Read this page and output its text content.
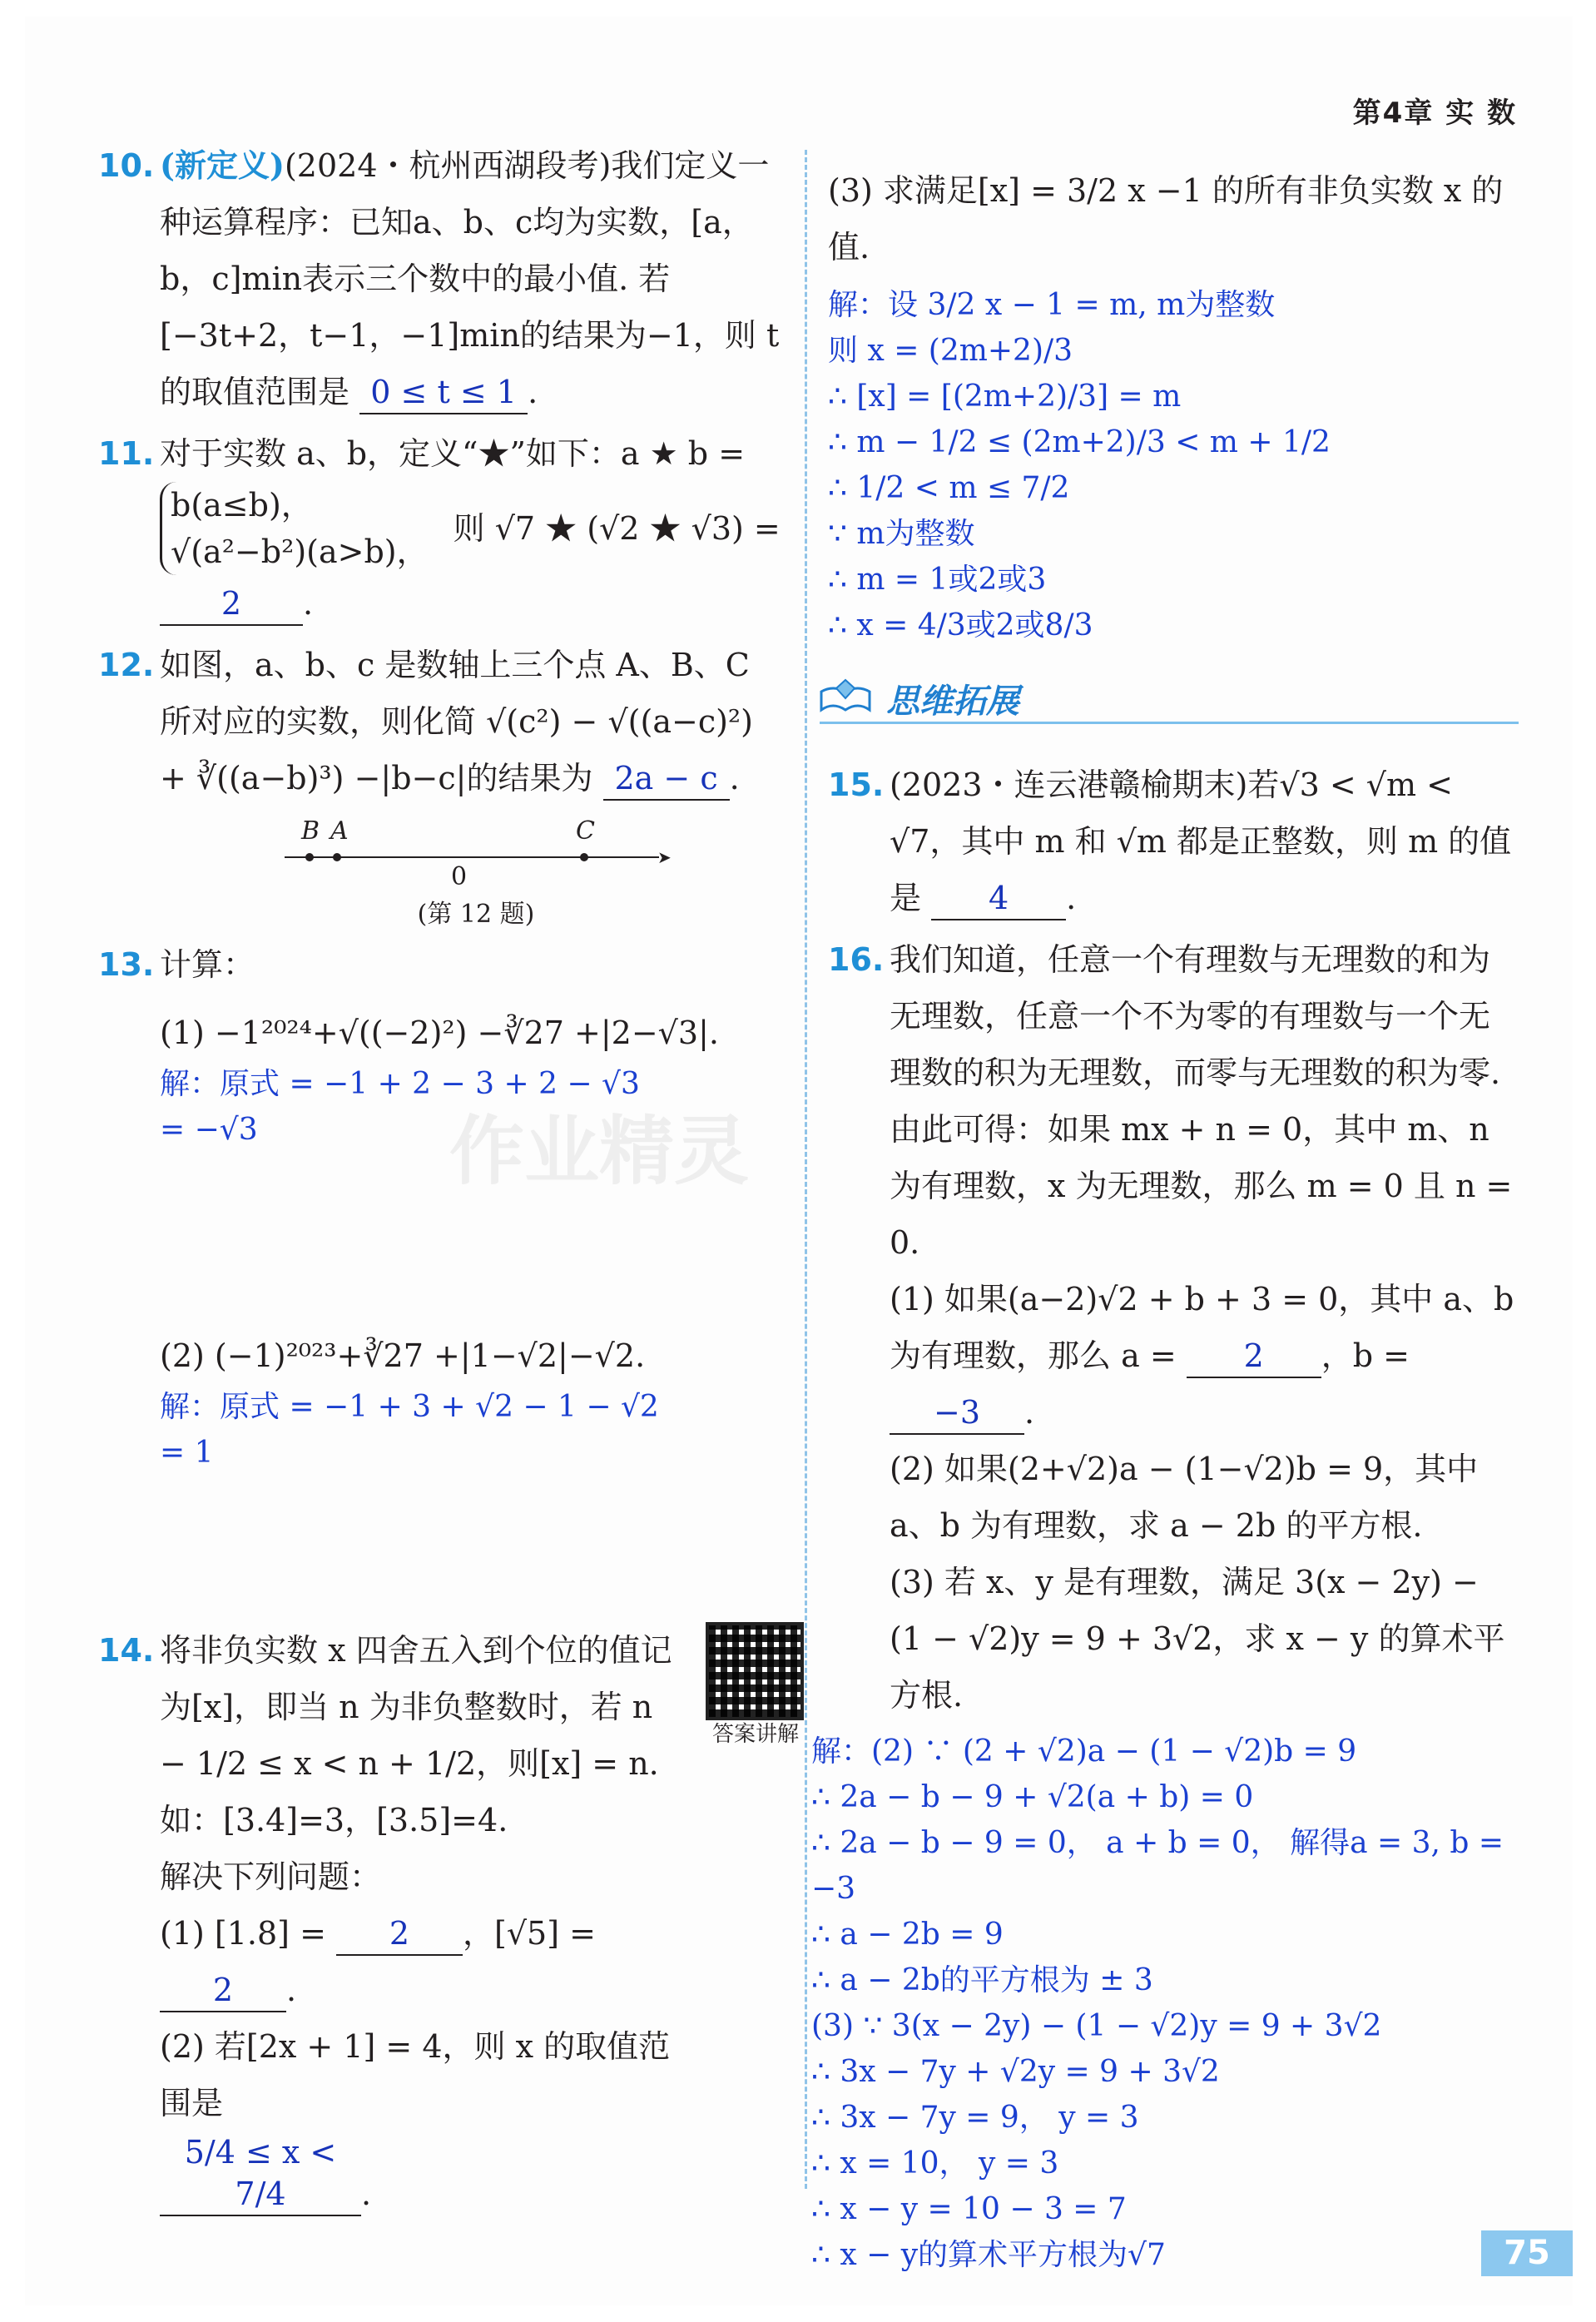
第4章 实 数
作业精灵
10. (新定义)(2024・杭州西湖段考)我们定义一种运算程序：已知a、b、c均为实数，[a，b，c]min表示三个数中的最小值. 若[−3t+2，t−1，−1]min的结果为−1，则 t 的取值范围是 0 ≤ t ≤ 1 .
11. 对于实数 a、b，定义“★”如下：a ★ b =
b(a≤b)，
√(a²−b²)(a>b)，
则 √7 ★ (√2 ★ √3) =
2 .
12. 如图，a、b、c 是数轴上三个点 A、B、C 所对应的实数，则化简 √(c²) − √((a−c)²) + ∛((a−b)³) −|b−c|的结果为 2a − c .
➤
B A
0
C
(第 12 题)
13. 计算：
(1) −1²⁰²⁴+√((−2)²) −∛27 +|2−√3|.
解：原式 = −1 + 2 − 3 + 2 − √3
= −√3
(2) (−1)²⁰²³+∛27 +|1−√2|−√2.
解：原式 = −1 + 3 + √2 − 1 − √2
= 1
14.
答案讲解
将非负实数 x 四舍五入到个位的值记为[x]，即当 n 为非负整数时，若 n − 1/2 ≤ x < n + 1/2，则[x] = n.
如：[3.4]=3，[3.5]=4.
解决下列问题：
(1) [1.8] = 2 ，[√5] = 2 .
(2) 若[2x + 1] = 4，则 x 的取值范围是
5/4 ≤ x < 7/4 .
(3) 求满足[x] = 3/2 x −1 的所有非负实数 x 的值.
解：设 3/2 x − 1 = m, m为整数
则 x = (2m+2)/3
∴ [x] = [(2m+2)/3] = m
∴ m − 1/2 ≤ (2m+2)/3 < m + 1/2
∴ 1/2 < m ≤ 7/2
∵ m为整数
∴ m = 1或2或3
∴ x = 4/3或2或8/3
思维拓展
15. (2023・连云港赣榆期末)若√3 < √m < √7，其中 m 和 √m 都是正整数，则 m 的值是 4 .
16. 我们知道，任意一个有理数与无理数的和为无理数，任意一个不为零的有理数与一个无理数的积为无理数，而零与无理数的积为零. 由此可得：如果 mx + n = 0，其中 m、n 为有理数，x 为无理数，那么 m = 0 且 n = 0.
(1) 如果(a−2)√2 + b + 3 = 0，其中 a、b 为有理数，那么 a = 2 ，b = −3 .
(2) 如果(2+√2)a − (1−√2)b = 9，其中 a、b 为有理数，求 a − 2b 的平方根.
(3) 若 x、y 是有理数，满足 3(x − 2y) − (1 − √2)y = 9 + 3√2，求 x − y 的算术平方根.
解：(2) ∵ (2 + √2)a − (1 − √2)b = 9
∴ 2a − b − 9 + √2(a + b) = 0
∴ 2a − b − 9 = 0， a + b = 0， 解得a = 3, b = −3
∴ a − 2b = 9
∴ a − 2b的平方根为 ± 3
(3) ∵ 3(x − 2y) − (1 − √2)y = 9 + 3√2
∴ 3x − 7y + √2y = 9 + 3√2
∴ 3x − 7y = 9， y = 3
∴ x = 10， y = 3
∴ x − y = 10 − 3 = 7
∴ x − y的算术平方根为√7	75
